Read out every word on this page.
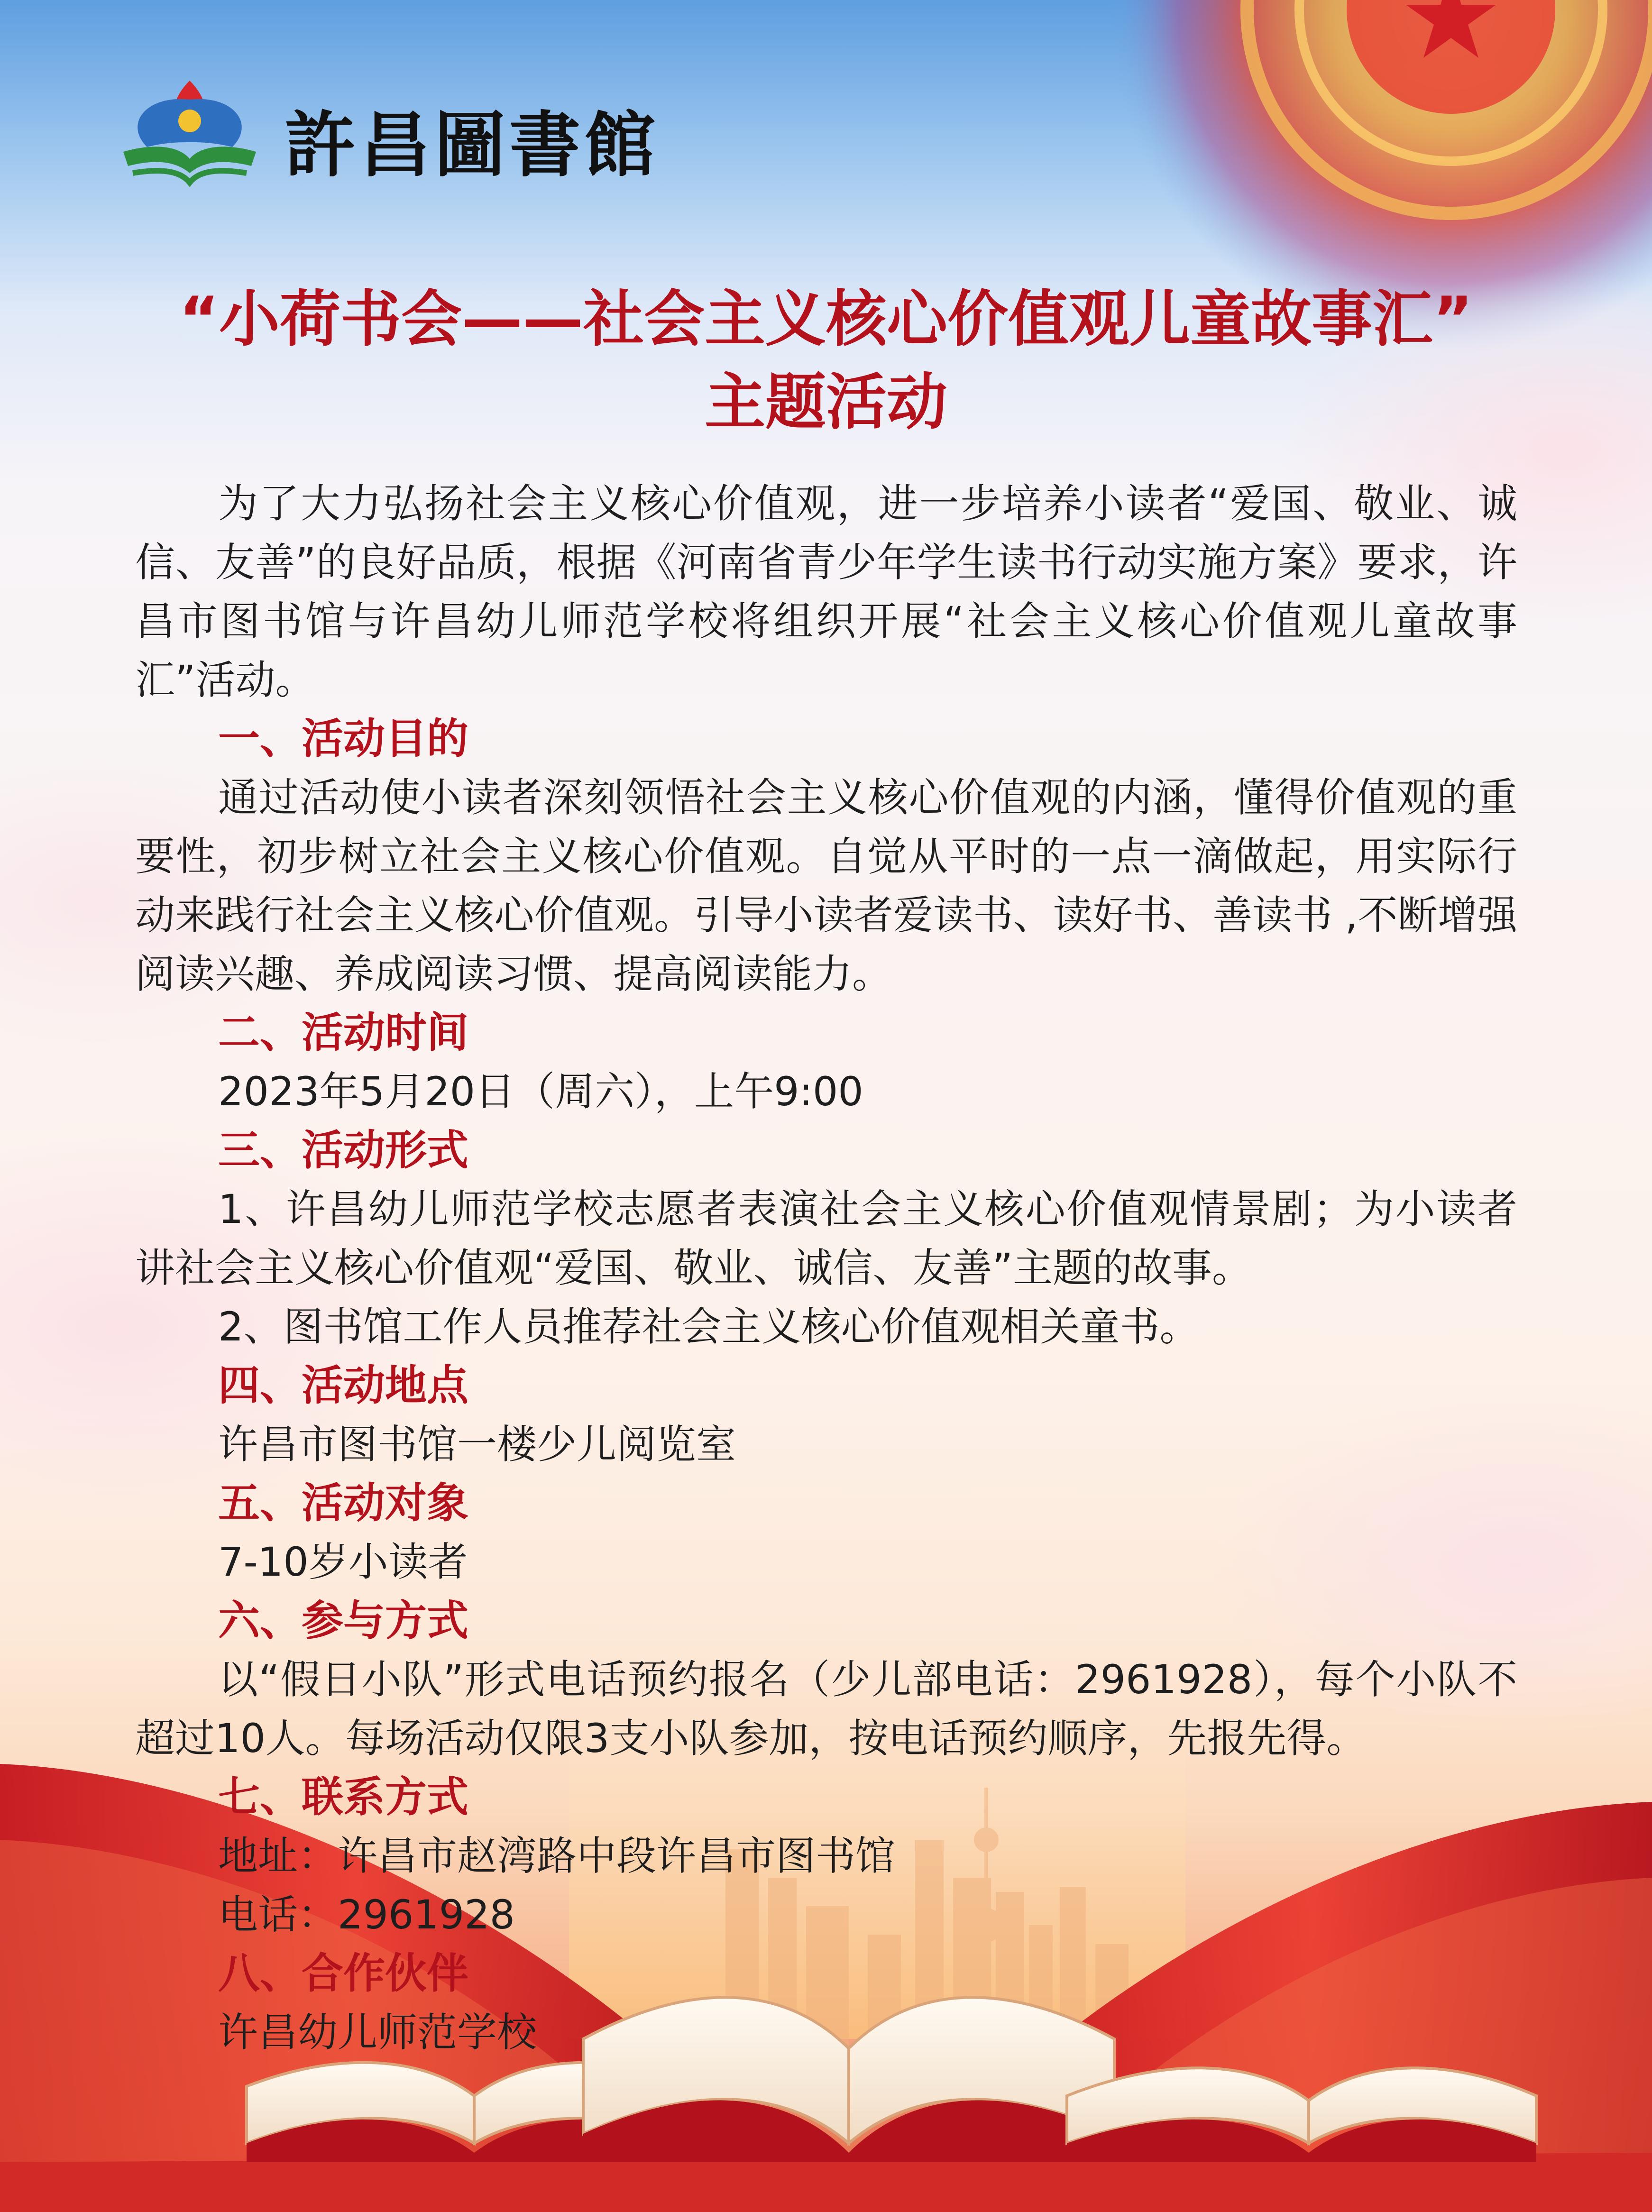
許昌圖書館
“小荷书会——社会主义核心价值观儿童故事汇”
主题活动

为了大力弘扬社会主义核心价值观，进一步培养小读者“爱国、敬业、诚信、友善”的良好品质，根据《河南省青少年学生读书行动实施方案》要求，许昌市图书馆与许昌幼儿师范学校将组织开展“社会主义核心价值观儿童故事汇”活动。

一、活动目的

通过活动使小读者深刻领悟社会主义核心价值观的内涵，懂得价值观的重要性，初步树立社会主义核心价值观。自觉从平时的一点一滴做起，用实际行动来践行社会主义核心价值观。引导小读者爱读书、读好书、善读书 ,不断增强阅读兴趣、养成阅读习惯、提高阅读能力。

二、活动时间
2023年5月20日（周六），上午9:00
三、活动形式

1、许昌幼儿师范学校志愿者表演社会主义核心价值观情景剧；为小读者讲社会主义核心价值观“爱国、敬业、诚信、友善”主题的故事。

2、图书馆工作人员推荐社会主义核心价值观相关童书。

四、活动地点
许昌市图书馆一楼少儿阅览室
五、活动对象
7-10岁小读者
六、参与方式

以“假日小队”形式电话预约报名（少儿部电话：2961928），每个小队不超过10人。每场活动仅限3支小队参加，按电话预约顺序，先报先得。

七、联系方式
地址：许昌市赵湾路中段许昌市图书馆
电话：2961928
八、合作伙伴
许昌幼儿师范学校
